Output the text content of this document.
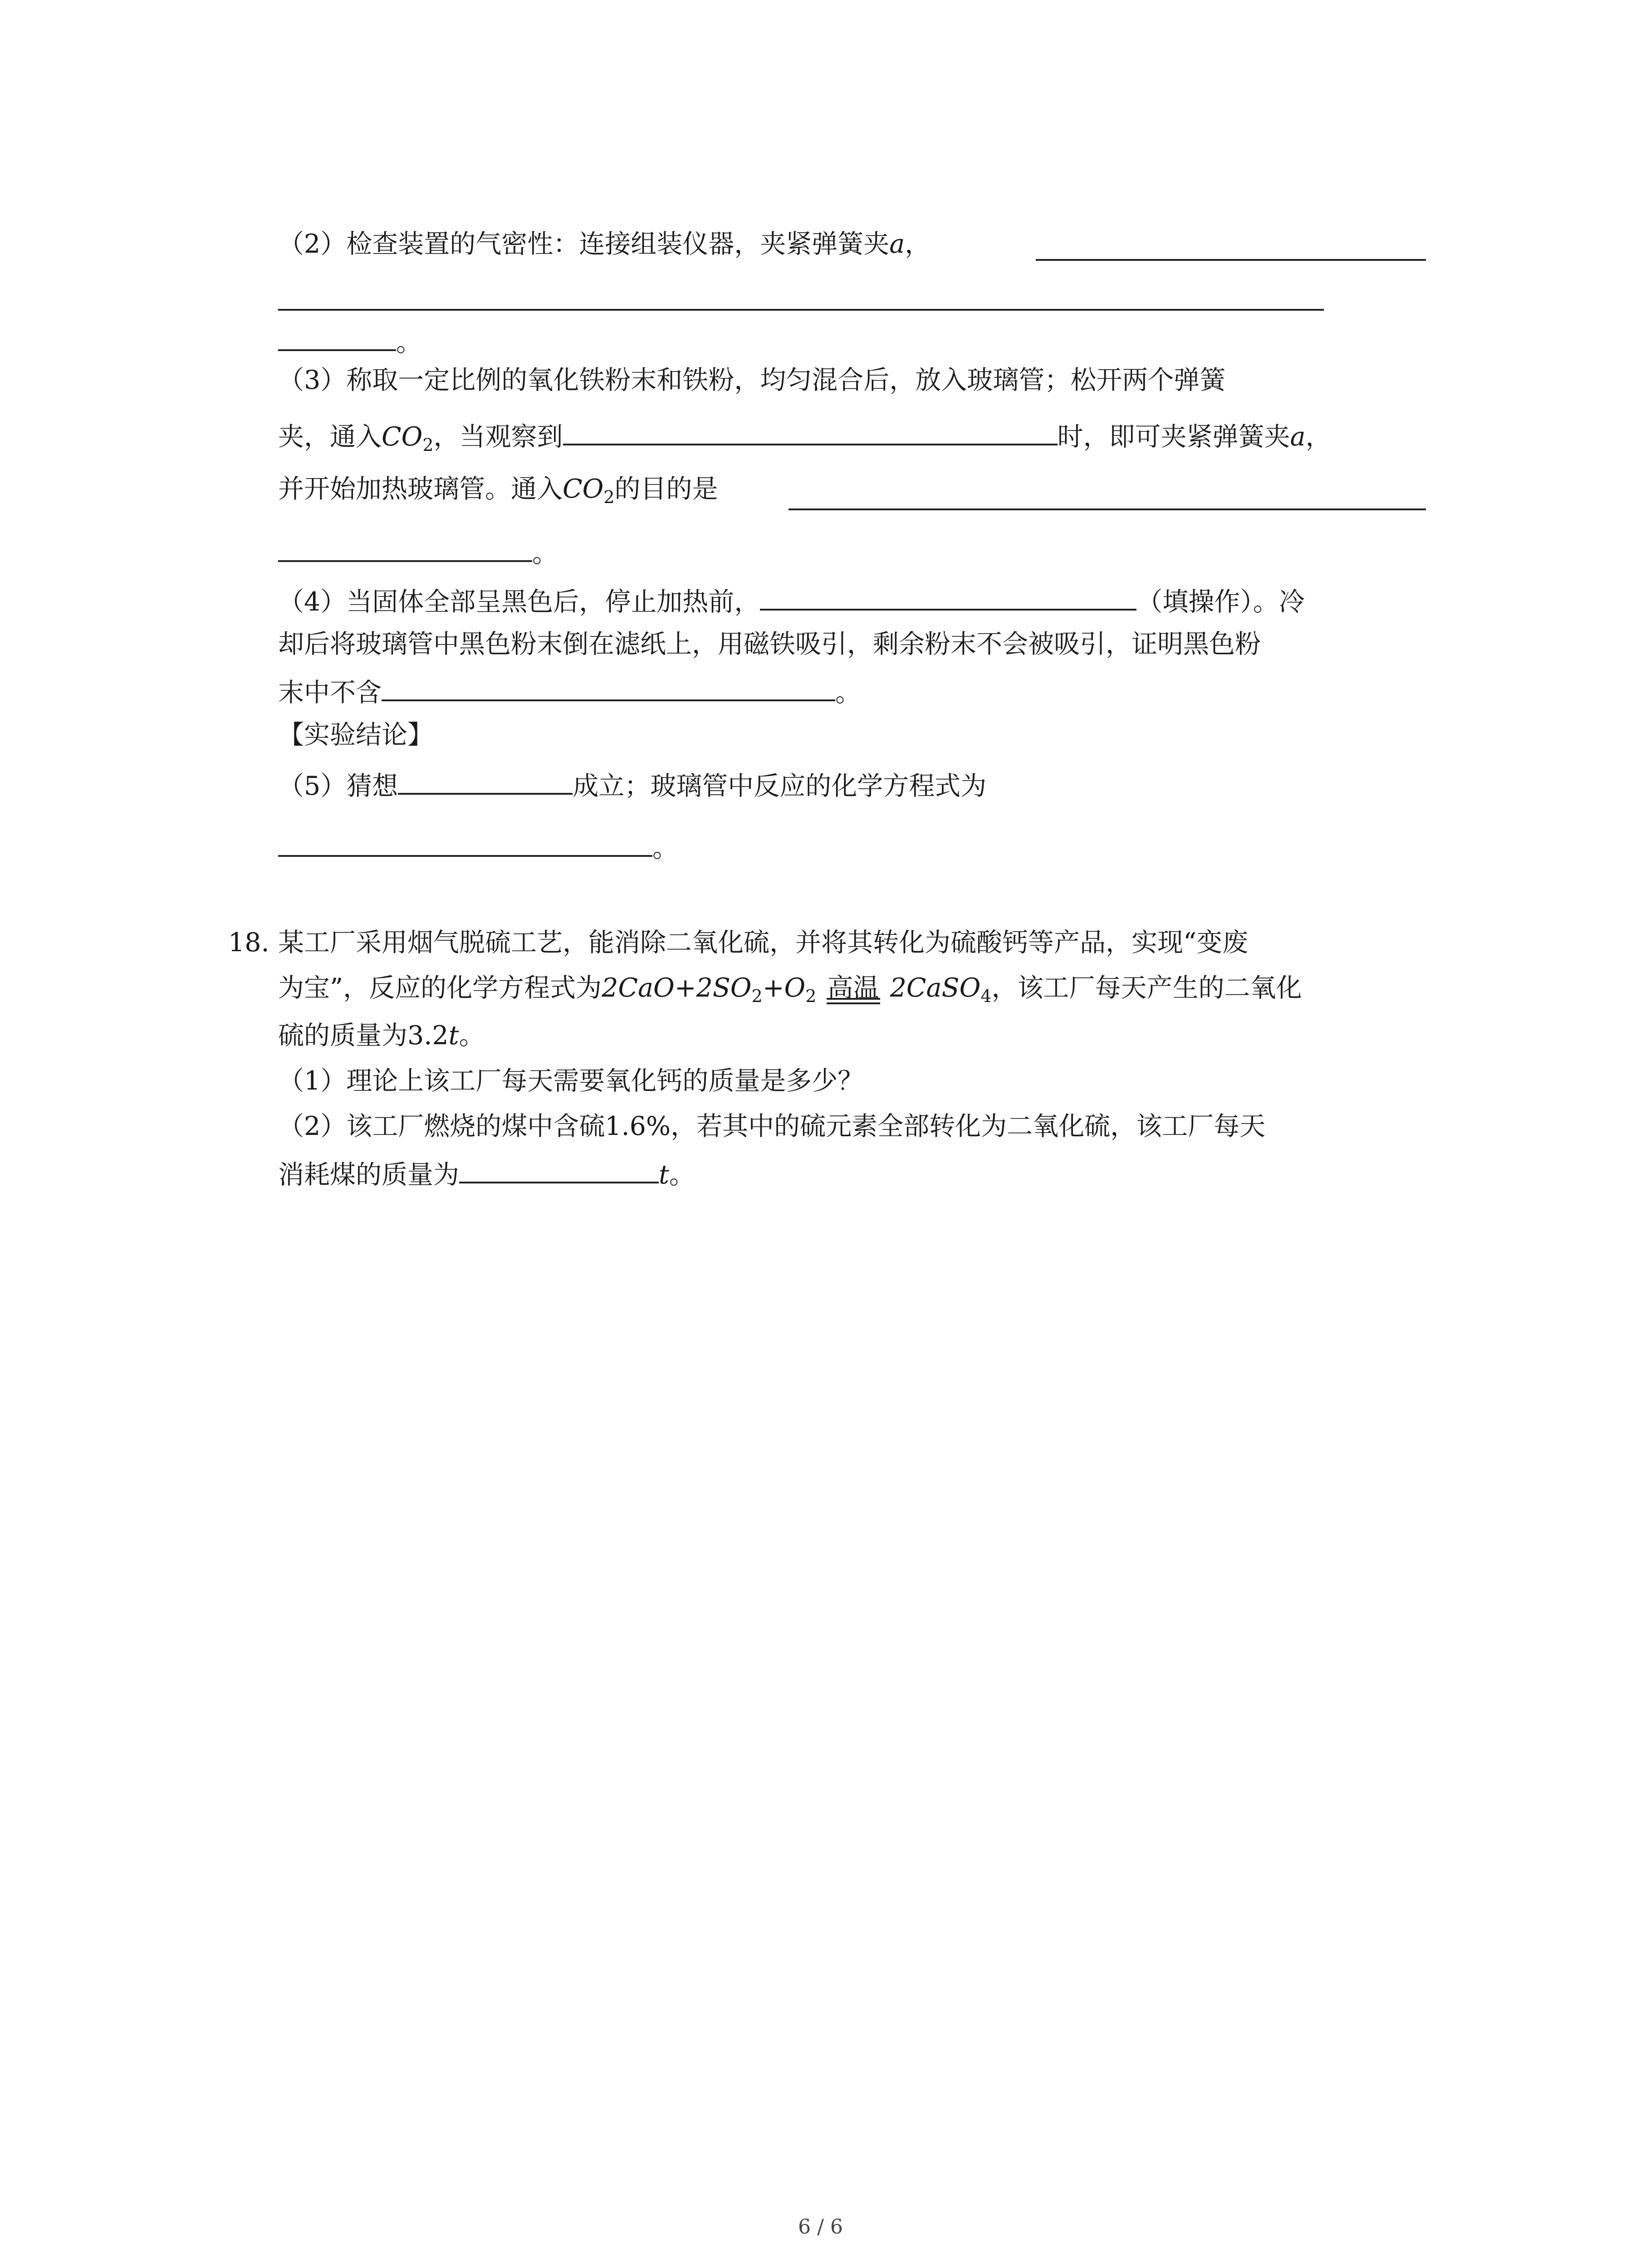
（2）检查装置的气密性：连接组装仪器，夹紧弹簧夹a，
。
（3）称取一定比例的氧化铁粉末和铁粉，均匀混合后，放入玻璃管；松开两个弹簧
夹，通入$CO_2$，当观察到	时，即可夹紧弹簧夹a，
并开始加热玻璃管。通入$CO_2$的目的是
。
（4）当固体全部呈黑色后，停止加热前，	（填操作）。冷
却后将玻璃管中黑色粉末倒在滤纸上，用磁铁吸引，剩余粉末不会被吸引，证明黑色粉
末中不含	。
【实验结论】
（5）猜想	成立；玻璃管中反应的化学方程式为
。
18. 某工厂采用烟气脱硫工艺，能消除二氧化硫，并将其转化为硫酸钙等产品，实现“变废
为宝”，反应的化学方程式为$2CaO+2SO_2+O_2$ 高温 2CaSO$_4$，该工厂每天产生的二氧化
硫的质量为3.2t。
（1）理论上该工厂每天需要氧化钙的质量是多少？
（2）该工厂燃烧的煤中含硫1.6%，若其中的硫元素全部转化为二氧化硫，该工厂每天
消耗煤的质量为	t。
6 / 6
